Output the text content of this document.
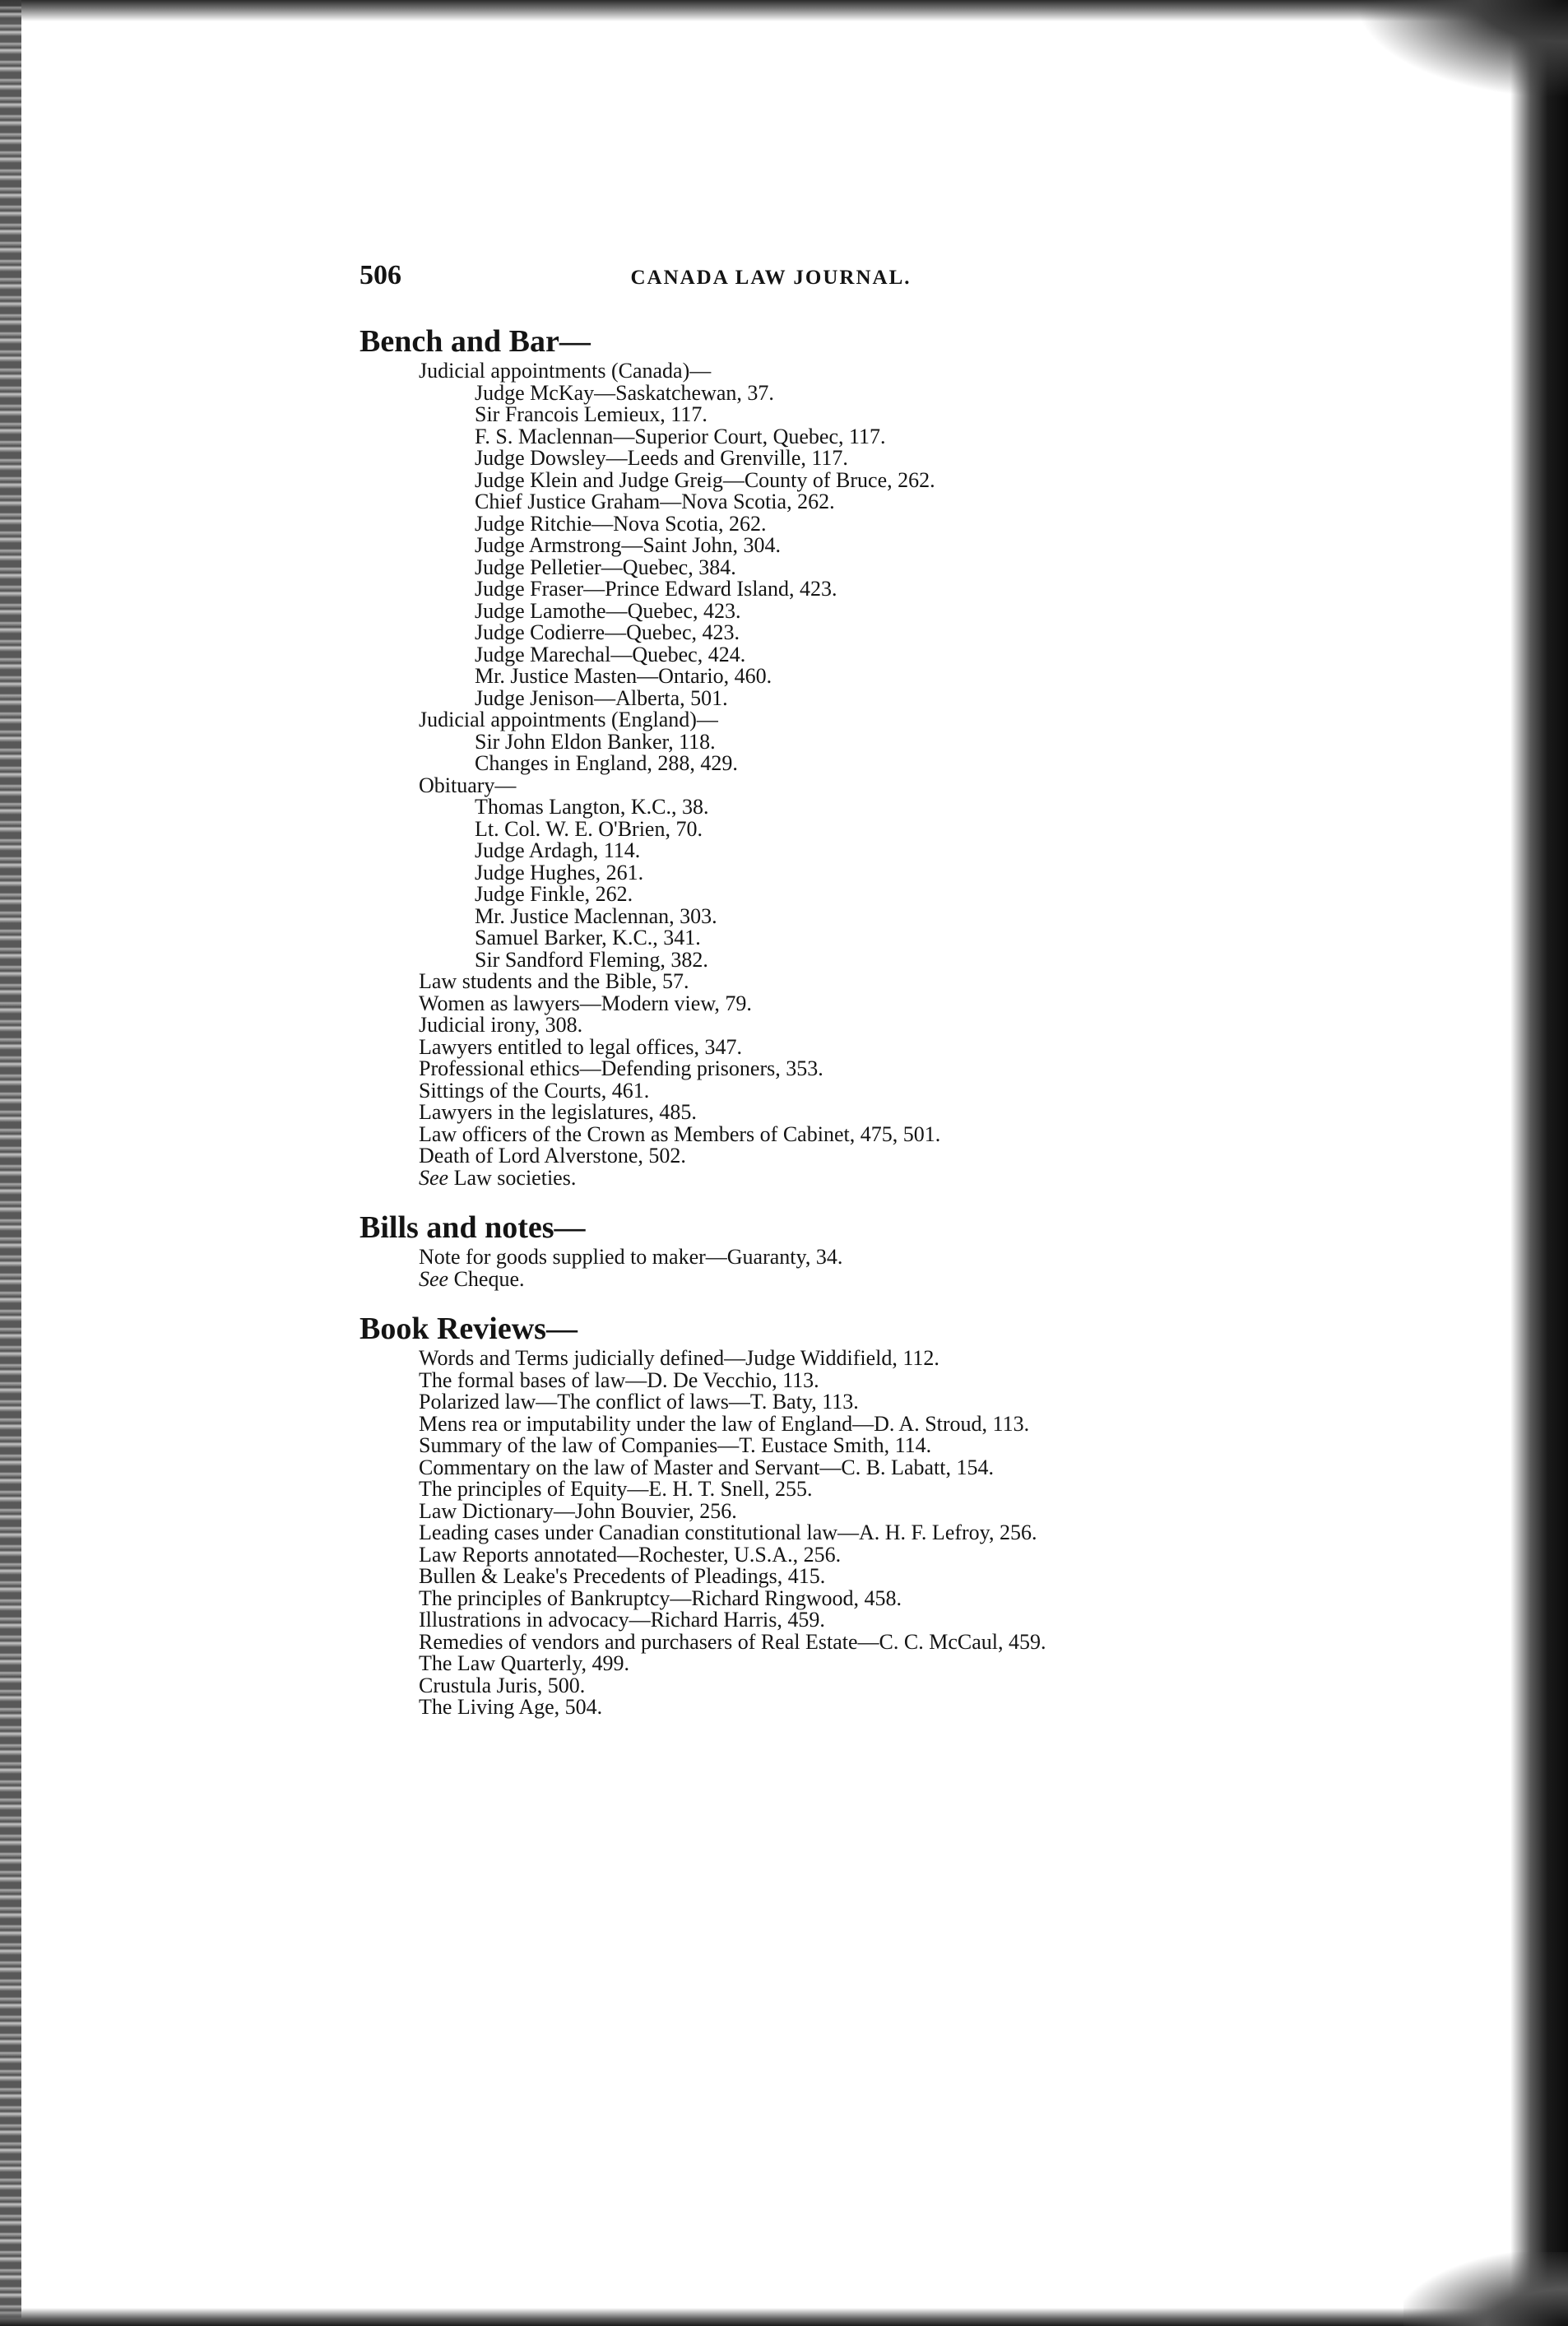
506	CANADA LAW JOURNAL.
Bench and Bar—
Judicial appointments (Canada)—
Judge McKay—Saskatchewan, 37.
Sir Francois Lemieux, 117.
F. S. Maclennan—Superior Court, Quebec, 117.
Judge Dowsley—Leeds and Grenville, 117.
Judge Klein and Judge Greig—County of Bruce, 262.
Chief Justice Graham—Nova Scotia, 262.
Judge Ritchie—Nova Scotia, 262.
Judge Armstrong—Saint John, 304.
Judge Pelletier—Quebec, 384.
Judge Fraser—Prince Edward Island, 423.
Judge Lamothe—Quebec, 423.
Judge Codierre—Quebec, 423.
Judge Marechal—Quebec, 424.
Mr. Justice Masten—Ontario, 460.
Judge Jenison—Alberta, 501.
Judicial appointments (England)—
Sir John Eldon Banker, 118.
Changes in England, 288, 429.
Obituary—
Thomas Langton, K.C., 38.
Lt. Col. W. E. O'Brien, 70.
Judge Ardagh, 114.
Judge Hughes, 261.
Judge Finkle, 262.
Mr. Justice Maclennan, 303.
Samuel Barker, K.C., 341.
Sir Sandford Fleming, 382.
Law students and the Bible, 57.
Women as lawyers—Modern view, 79.
Judicial irony, 308.
Lawyers entitled to legal offices, 347.
Professional ethics—Defending prisoners, 353.
Sittings of the Courts, 461.
Lawyers in the legislatures, 485.
Law officers of the Crown as Members of Cabinet, 475, 501.
Death of Lord Alverstone, 502.
See Law societies.
Bills and notes—
Note for goods supplied to maker—Guaranty, 34.
See Cheque.
Book Reviews—
Words and Terms judicially defined—Judge Widdifield, 112.
The formal bases of law—D. De Vecchio, 113.
Polarized law—The conflict of laws—T. Baty, 113.
Mens rea or imputability under the law of England—D. A. Stroud, 113.
Summary of the law of Companies—T. Eustace Smith, 114.
Commentary on the law of Master and Servant—C. B. Labatt, 154.
The principles of Equity—E. H. T. Snell, 255.
Law Dictionary—John Bouvier, 256.
Leading cases under Canadian constitutional law—A. H. F. Lefroy, 256.
Law Reports annotated—Rochester, U.S.A., 256.
Bullen & Leake's Precedents of Pleadings, 415.
The principles of Bankruptcy—Richard Ringwood, 458.
Illustrations in advocacy—Richard Harris, 459.
Remedies of vendors and purchasers of Real Estate—C. C. McCaul, 459.
The Law Quarterly, 499.
Crustula Juris, 500.
The Living Age, 504.
